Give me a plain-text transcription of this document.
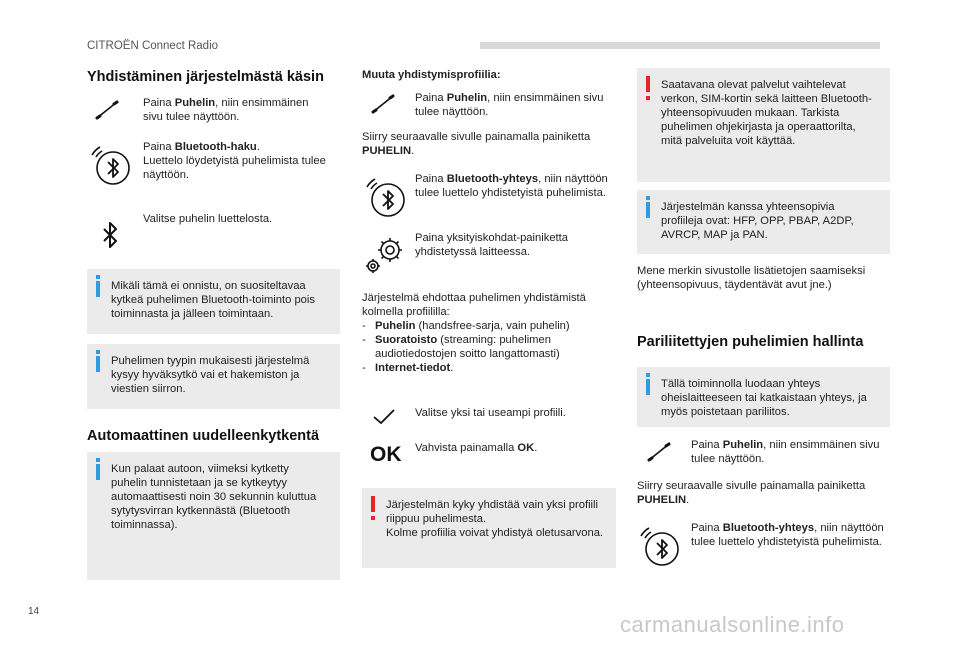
CITROËN Connect Radio
14
carmanualsonline.info
Yhdistäminen järjestelmästä käsin
Paina Puhelin, niin ensimmäinen sivu tulee näyttöön.
Paina Bluetooth-haku.
Luettelo löydetyistä puhelimista tulee näyttöön.
Valitse puhelin luettelosta.
Mikäli tämä ei onnistu, on suositeltavaa kytkeä puhelimen Bluetooth-toiminto pois toiminnasta ja jälleen toimintaan.
Puhelimen tyypin mukaisesti järjestelmä kysyy hyväksytkö vai et hakemiston ja viestien siirron.
Automaattinen uudelleenkytkentä
Kun palaat autoon, viimeksi kytketty puhelin tunnistetaan ja se kytkeytyy automaattisesti noin 30 sekunnin kuluttua sytytysvirran kytkennästä (Bluetooth toiminnassa).
Muuta yhdistymisprofiilia:
Paina Puhelin, niin ensimmäinen sivu tulee näyttöön.
Siirry seuraavalle sivulle painamalla painiketta PUHELIN.
Paina Bluetooth-yhteys, niin näyttöön tulee luettelo yhdistetyistä puhelimista.
Paina yksityiskohdat-painiketta yhdistetyssä laitteessa.
Järjestelmä ehdottaa puhelimen yhdistämistä kolmella profiililla:
- Puhelin (handsfree-sarja, vain puhelin)
- Suoratoisto (streaming: puhelimen audiotiedostojen soitto langattomasti)
- Internet-tiedot.
Valitse yksi tai useampi profiili.
OK Vahvista painamalla OK.
Järjestelmän kyky yhdistää vain yksi profiili riippuu puhelimesta.
Kolme profiilia voivat yhdistyä oletusarvona.
Saatavana olevat palvelut vaihtelevat verkon, SIM-kortin sekä laitteen Bluetooth-yhteensopivuuden mukaan. Tarkista puhelimen ohjekirjasta ja operaattorilta, mitä palveluita voit käyttää.
Järjestelmän kanssa yhteensopivia profiileja ovat: HFP, OPP, PBAP, A2DP, AVRCP, MAP ja PAN.
Mene merkin sivustolle lisätietojen saamiseksi (yhteensopivuus, täydentävät avut jne.)
Pariliitettyjen puhelimien hallinta
Tällä toiminnolla luodaan yhteys oheislaitteeseen tai katkaistaan yhteys, ja myös poistetaan pariliitos.
Paina Puhelin, niin ensimmäinen sivu tulee näyttöön.
Siirry seuraavalle sivulle painamalla painiketta PUHELIN.
Paina Bluetooth-yhteys, niin näyttöön tulee luettelo yhdistetyistä puhelimista.
